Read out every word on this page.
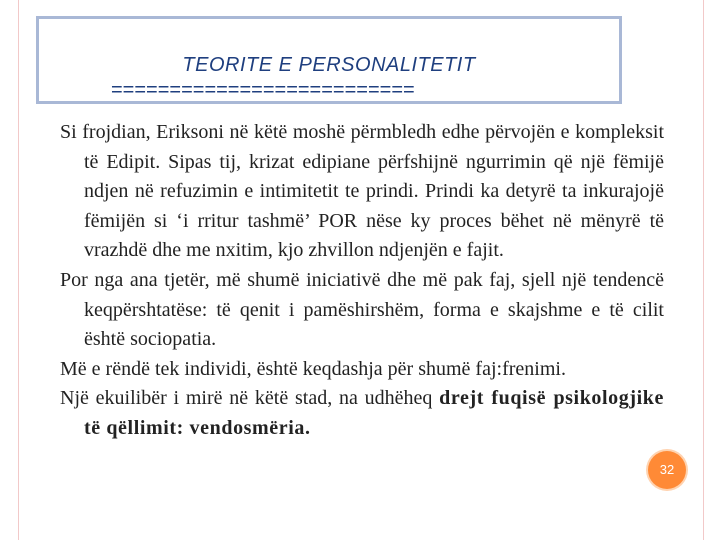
TEORITE E PERSONALITETIT
==========================

Si frojdian, Eriksoni në këtë moshë përmbledh edhe përvojën e kompleksit të Edipit. Sipas tij, krizat edipiane përfshijnë ngurrimin që një fëmijë ndjen në refuzimin e intimitetit te prindi. Prindi ka detyrë ta inkurajojë fëmijën si ‘i rritur tashmë’ POR nëse ky proces bëhet në mënyrë të vrazhdë dhe me nxitim, kjo zhvillon ndjenjën e fajit.

Por nga ana tjetër, më shumë iniciativë dhe më pak faj, sjell një tendencë keqpërshtatëse: të qenit i pamëshirshëm, forma e skajshme e të cilit është sociopatia.

Më e rëndë tek individi, është keqdashja për shumë faj:frenimi.

Një ekuilibër i mirë në këtë stad, na udhëheq drejt fuqisë psikologjike të qëllimit: vendosmëria.

32
